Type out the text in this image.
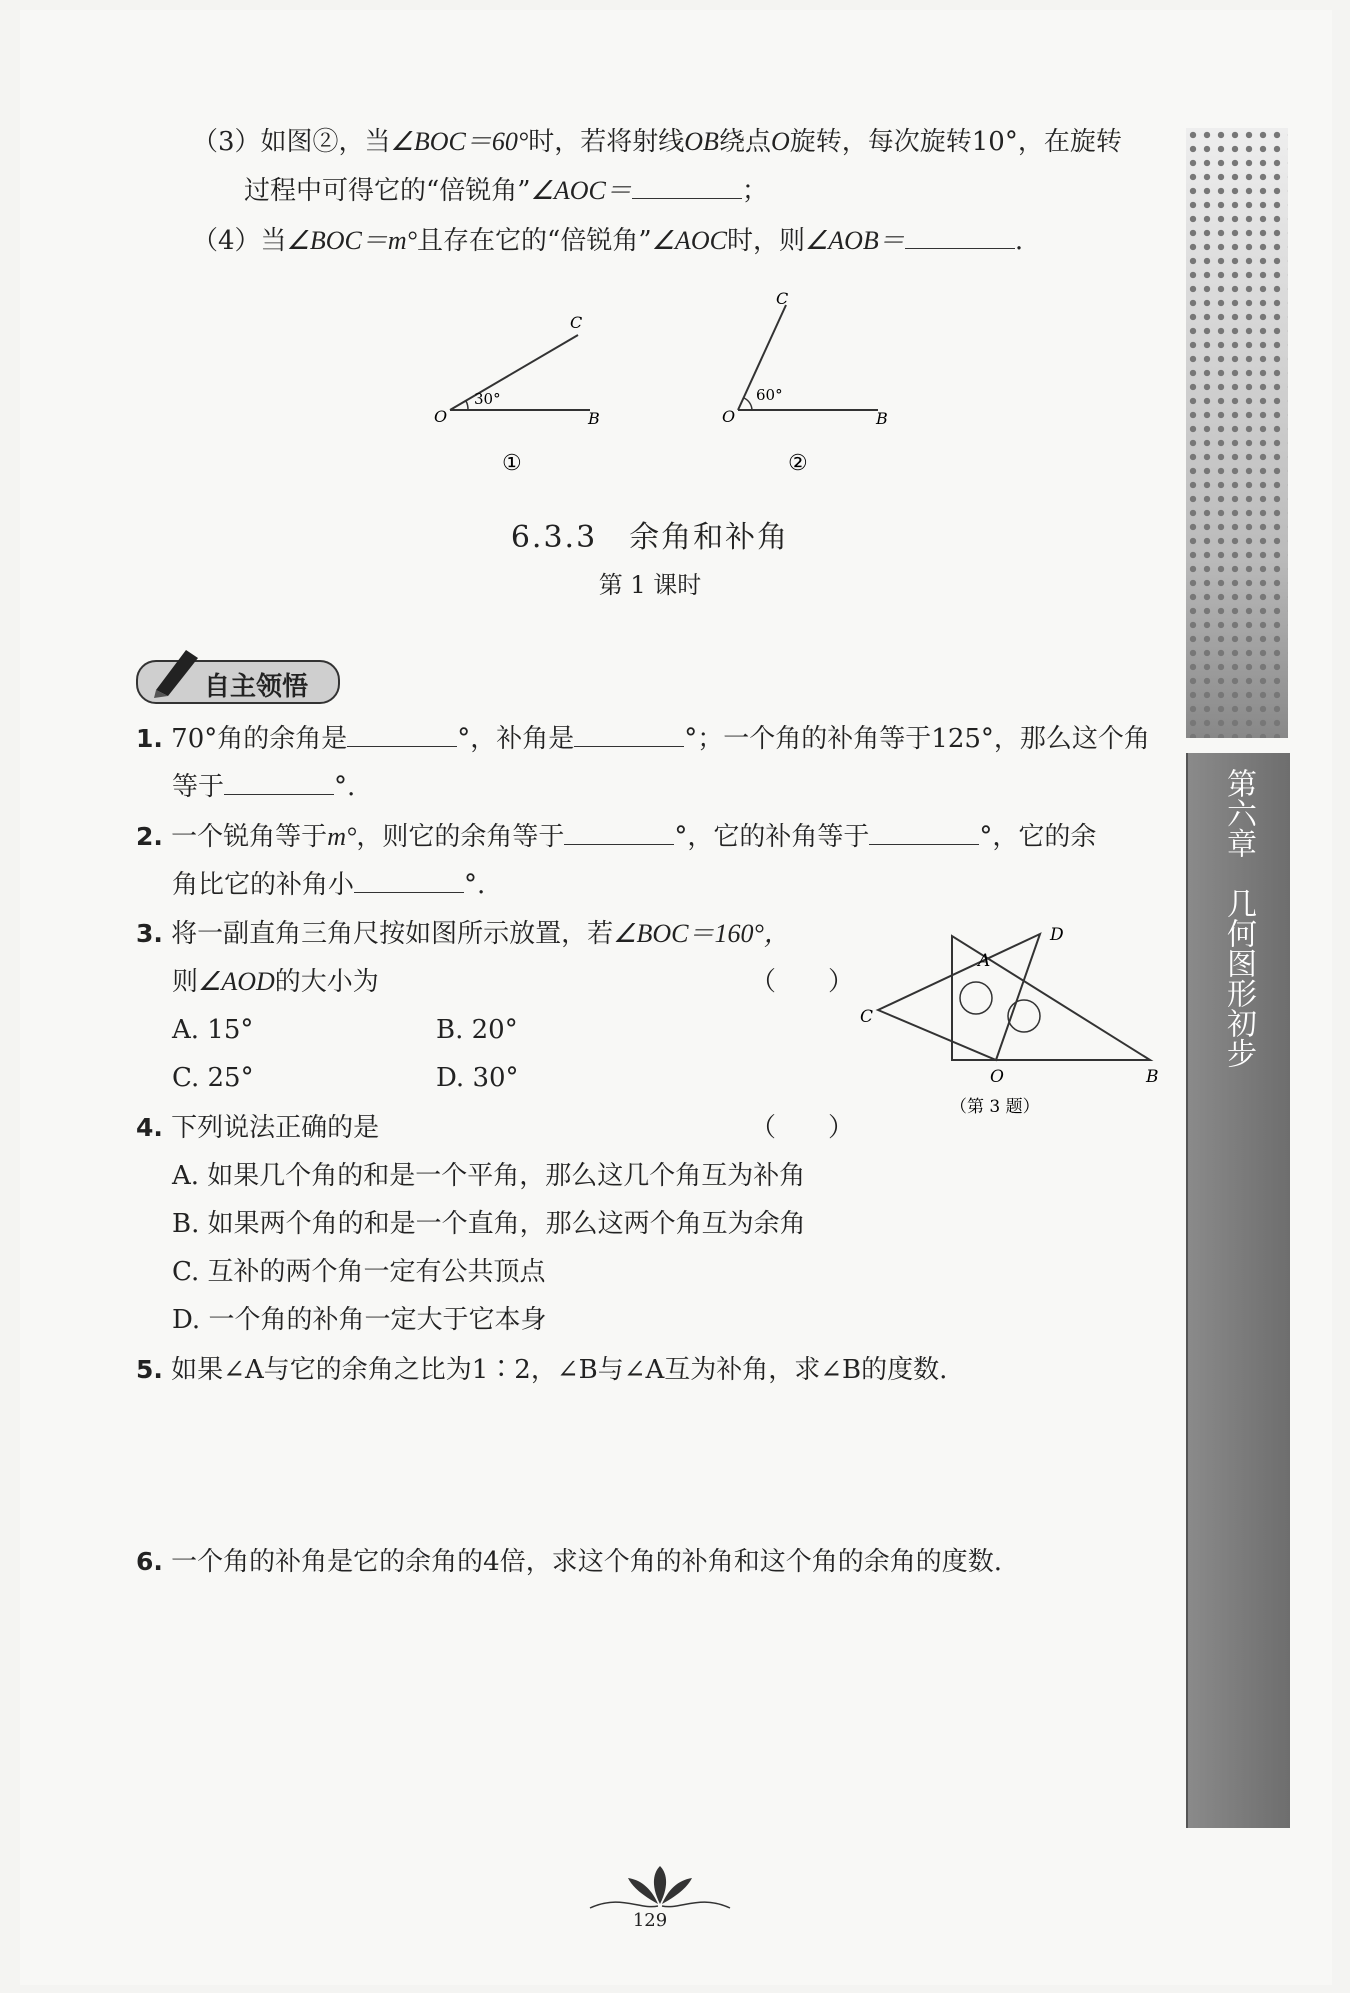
（3）如图②，当∠BOC＝60°时，若将射线OB绕点O旋转，每次旋转10°，在旋转
过程中可得它的“倍锐角”∠AOC＝	；
（4）当∠BOC＝m°且存在它的“倍锐角”∠AOC时，则∠AOB＝	.
O	B
C
30°
①
O	B
C
60°
②
6.3.3　余角和补角
第 1 课时
自主领悟
1. 70°角的余角是	°，补角是	°；一个角的补角等于125°，那么这个角
等于	°.
2. 一个锐角等于m°，则它的余角等于	°，它的补角等于	°，它的余
角比它的补角小	°.
3. 将一副直角三角尺按如图所示放置，若∠BOC＝160°，
则∠AOD的大小为	（　　）
A. 15°	B. 20°
C. 25°	D. 30°
D
A
C
O	B
（第 3 题）
4. 下列说法正确的是	（　　）
A. 如果几个角的和是一个平角，那么这几个角互为补角
B. 如果两个角的和是一个直角，那么这两个角互为余角
C. 互补的两个角一定有公共顶点
D. 一个角的补角一定大于它本身
5. 如果∠A与它的余角之比为1∶2，∠B与∠A互为补角，求∠B的度数.
6. 一个角的补角是它的余角的4倍，求这个角的补角和这个角的余角的度数.
第六章
几何图形初步
129
